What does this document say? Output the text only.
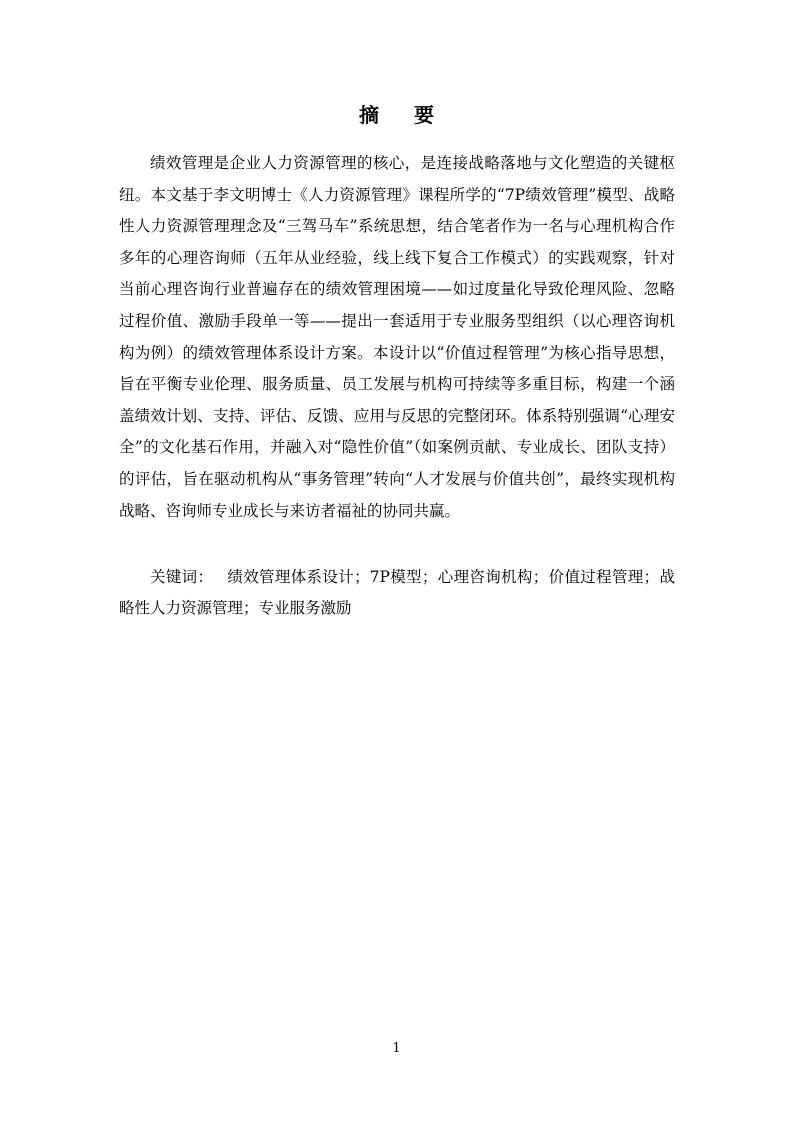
摘 要

绩效管理是企业人力资源管理的核心，是连接战略落地与文化塑造的关键枢纽。本文基于李文明博士《人力资源管理》课程所学的“7P绩效管理”模型、战略性人力资源管理理念及“三驾马车”系统思想，结合笔者作为一名与心理机构合作多年的心理咨询师（五年从业经验，线上线下复合工作模式）的实践观察，针对当前心理咨询行业普遍存在的绩效管理困境——如过度量化导致伦理风险、忽略过程价值、激励手段单一等——提出一套适用于专业服务型组织（以心理咨询机构为例）的绩效管理体系设计方案。本设计以“价值过程管理”为核心指导思想，旨在平衡专业伦理、服务质量、员工发展与机构可持续等多重目标，构建一个涵盖绩效计划、支持、评估、反馈、应用与反思的完整闭环。体系特别强调“心理安全”的文化基石作用，并融入对“隐性价值”（如案例贡献、专业成长、团队支持）的评估，旨在驱动机构从“事务管理”转向“人才发展与价值共创”，最终实现机构战略、咨询师专业成长与来访者福祉的协同共赢。

关键词： 绩效管理体系设计；7P模型；心理咨询机构；价值过程管理；战略性人力资源管理；专业服务激励

1
